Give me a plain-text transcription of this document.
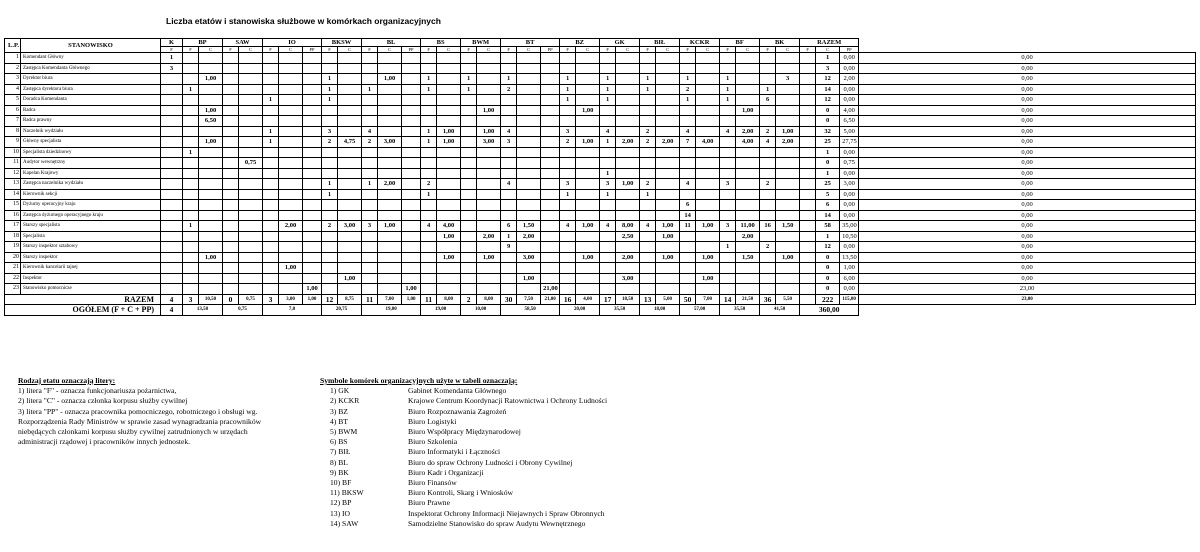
Liczba etatów i stanowiska służbowe w komórkach organizacyjnych
L.P.	STANOWISKO	K	BP		SAW		IO			BKSW		BL			BS		BWM		BT			BZ		GK		BIŁ		KCKR		BF		BK		RAZEM			
		F	F	C	F	C	F	C	PP	F	C	F	C	PP	F	C	F	C	F	C	PP	F	C	F	C	F	C	F	C	F	C	F	C	F	C	PP	
1	Komendant Główny	1																																	1	0,00	0,00
2	Zastępca Komendanta Głównego	3																																	3	0,00	0,00
3	Dyrektor biura			1,00						1			1,00		1		1		1			1		1		1		1		1			3		12	2,00	0,00
4	Zastępca dyrektora biura		1							1		1			1		1		2			1		1		1		2		1		1			14	0,00	0,00
5	Doradca Komendanta						1			1												1		1				1		1		6			12	0,00	0,00
6	Radca			1,00														1,00					1,00								1,00				0	4,00	0,00
7	Radca prawny			6,50																															0	6,50	0,00
8	Naczelnik wydziału						1			3		4			1	1,00		1,00	4			3		4		2		4		4	2,00	2	1,00		32	5,00	0,00
9	Główny specjalista			1,00			1			2	4,75	2	3,00		1	1,00		3,00	3			2	1,00	1	2,00	2	2,00	7	4,00		4,00	4	2,00		25	27,75	0,00
10	Specjalista dziedzinowy		1																																1	0,00	0,00
11	Audytor wewnętrzny					0,75																													0	0,75	0,00
12	Kapelan Krajowy																							1											1	0,00	0,00
13	Zastępca naczelnika wydziału									1		1	2,00		2				4			3		3	1,00	2		4		3		2			25	3,00	0,00
14	Kierownik sekcji									1					1							1		1		1									5	0,00	0,00
15	Dyżurny operacyjny kraju																											6							6	0,00	0,00
16	Zastępca dyżurnego operacyjnego kraju																											14							14	0,00	0,00
17	Starszy specjalista		1					2,00		2	3,00	3	1,00		4	4,00			6	1,50		4	1,00	4	8,00	4	1,00	11	1,00	3	11,00	16	1,50		58	35,00	0,00
18	Specjalista															1,00		2,00	1	2,00					2,50		1,00				2,00				1	10,50	0,00
19	Starszy inspektor sztabowy																		9											1		2			12	0,00	0,00
20	Starszy inspektor			1,00												1,00		1,00		3,00			1,00		2,00		1,00		1,00		1,50		1,00		0	13,50	0,00
21	Kierownik kancelarii tajnej							1,00																											0	1,00	0,00
22	Inspektor										1,00									1,00					3,00				1,00						0	6,00	0,00
23	Stanowisko pomocnicze								1,00					1,00							21,00														0	0,00	23,00
RAZEM		4	3	10,50	0	0,75	3	3,00	1,00	12	8,75	11	7,00	1,00	11	8,00	2	8,00	30	7,50	21,00	16	4,00	17	18,50	13	5,00	50	7,00	14	21,50	36	5,50		222	115,00	23,00
OGÓŁEM (F + C + PP)		4	13,50		0,75		7,0			20,75		19,00			19,00		10,00		58,50			20,00		35,50		18,00		57,00		35,50		41,50		360,00			
Rodzaj etatu oznaczają litery:
1) litera "F" - oznacza funkcjonariusza pożarnictwa,
2) litera "C" - oznacza członka korpusu służby cywilnej
3) litera "PP" - oznacza pracownika pomocniczego, robotniczego i obsługi wg.
Rozporządzenia Rady Ministrów w sprawie zasad wynagradzania pracowników niebędących członkami korpusu służby cywilnej zatrudnionych w urzędach administracji rządowej i pracowników innych jednostek.
Symbole komórek organizacyjnych użyte w tabeli oznaczają:
1) GK	Gabinet Komendanta Głównego
2) KCKR	Krajowe Centrum Koordynacji Ratownictwa i Ochrony Ludności
3) BZ	Biuro Rozpoznawania Zagrożeń
4) BT	Biuro Logistyki
5) BWM	Biuro Współpracy Międzynarodowej
6) BS	Biuro Szkolenia
7) BIŁ	Biuro Informatyki i Łączności
8) BL	Biuro do spraw Ochrony Ludności i Obrony Cywilnej
9) BK	Biuro Kadr i Organizacji
10) BF	Biuro Finansów
11) BKSW	Biuro Kontroli, Skarg i Wniosków
12) BP	Biuro Prawne
13) IO	Inspektorat Ochrony Informacji Niejawnych i Spraw Obronnych
14) SAW	Samodzielne Stanowisko do spraw Audytu Wewnętrznego
